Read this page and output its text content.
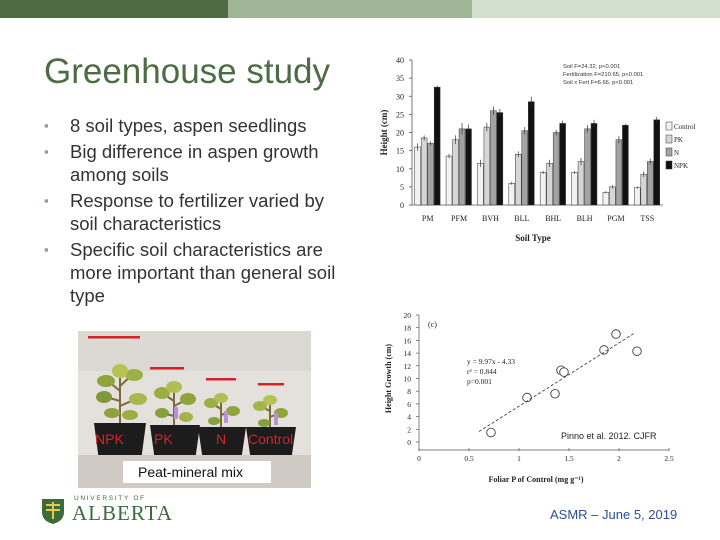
Greenhouse study
▪ 8 soil types, aspen seedlings
▪ Big difference in aspen growth among soils
▪ Response to fertilizer varied by soil characteristics
▪ Specific soil characteristics are more important than general soil type
NPK PK	N Control
Peat-mineral mix
0
5
10
15
20
25
30
35
40
Height (cm)
Soil Type
PM PFM BVH BLL BHL BLH PGM TSS
Soil F=24.32, p<0.001
Fertilization F=210.65, p<0.001
Soil x Fert F=6.66, p<0.001
Control
PK
N
NPK
0
2
4
6
8
10
12
14
16
18
20
0	0.5	1	1.5	2	2.5
Height Growth (cm)
Foliar P of Control (mg g⁻¹)
(c)
y = 9.97x - 4.33
r² = 0.844
p=0.001
Pinno et al. 2012. CJFR
UNIVERSITY OF
ALBERTA	ASMR – June 5, 2019
